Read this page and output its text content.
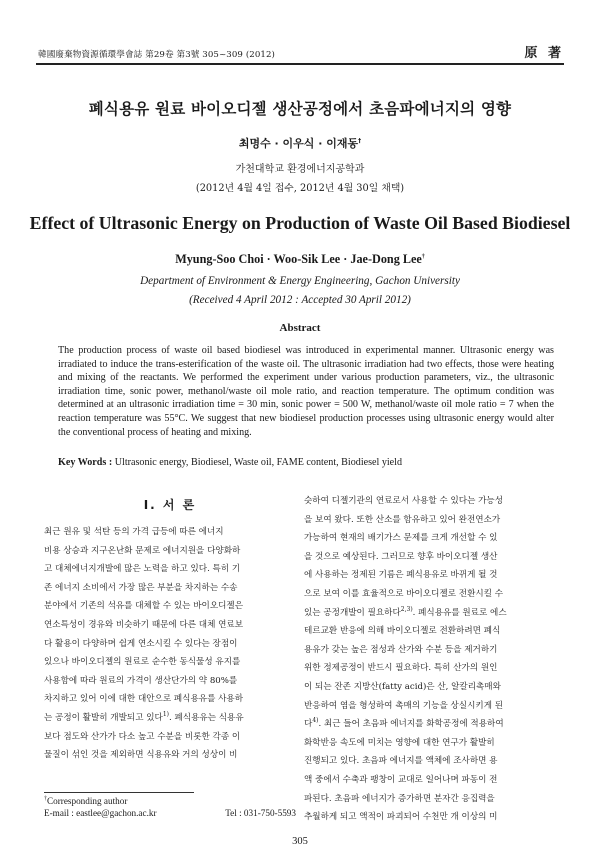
韓國廢棄物資源循環學會誌 第29卷 第3號 305~309 (2012)	原 著
폐식용유 원료 바이오디젤 생산공정에서 초음파에너지의 영향
최명수 · 이우식 · 이재동†
가천대학교 환경에너지공학과
(2012년 4월 4일 접수, 2012년 4월 30일 채택)
Effect of Ultrasonic Energy on Production of Waste Oil Based Biodiesel
Myung-Soo Choi · Woo-Sik Lee · Jae-Dong Lee†
Department of Environment & Energy Engineering, Gachon University
(Received 4 April 2012 : Accepted 30 April 2012)
Abstract
The production process of waste oil based biodiesel was introduced in experimental manner. Ultrasonic energy was irradiated to induce the trans-esterification of the waste oil. The ultrasonic irradiation had two effects, those were heating and mixing of the reactants. We performed the experiment under various production parameters, viz., the ultrasonic irradiation time, sonic power, methanol/waste oil mole ratio, and reaction temperature. The optimum condition was determined at an ultrasonic irradiation time = 30 min, sonic power = 500 W, methanol/waste oil mole ratio = 7 when the reaction temperature was 55°C. We suggest that new biodiesel production processes using ultrasonic energy would alter the conventional process of heating and mixing.
Key Words : Ultrasonic energy, Biodiesel, Waste oil, FAME content, Biodiesel yield
I. 서 론
최근 원유 및 석탄 등의 가격 급등에 따른 에너지
비용 상승과 지구온난화 문제로 에너지원을 다양화하
고 대체에너지개발에 많은 노력을 하고 있다. 특히 기
존 에너지 소비에서 가장 많은 부분을 차지하는 수송
분야에서 기존의 석유를 대체할 수 있는 바이오디젤은
연소특성이 경유와 비슷하기 때문에 다른 대체 연료보
다 활용이 다양하며 쉽게 연소시킬 수 있다는 장점이
있으나 바이오디젤의 원료로 순수한 동식물성 유지를
사용함에 따라 원료의 가격이 생산단가의 약 80%를
차지하고 있어 이에 대한 대안으로 폐식용유를 사용하
는 공정이 활발히 개발되고 있다$^{1)}$. 폐식용유는 식용유
보다 점도와 산가가 다소 높고 수분을 비롯한 각종 이
물질이 섞인 것을 제외하면 식용유와 거의 성상이 비
슷하여 디젤기관의 연료로서 사용할 수 있다는 가능성
을 보여 왔다. 또한 산소를 함유하고 있어 완전연소가
가능하여 현재의 배기가스 문제를 크게 개선할 수 있
을 것으로 예상된다. 그러므로 향후 바이오디젤 생산
에 사용하는 정제된 기름은 폐식용유로 바뀌게 될 것
으로 보여 이를 효율적으로 바이오디젤로 전환시킬 수
있는 공정개발이 필요하다$^{2,3)}$. 폐식용유를 원료로 에스
테르교환 반응에 의해 바이오디젤로 전환하려면 폐식
용유가 갖는 높은 점성과 산가와 수분 등을 제거하기
위한 정제공정이 반드시 필요하다. 특히 산가의 원인
이 되는 잔존 지방산(fatty acid)은 산, 알칼리촉매와
반응하여 염을 형성하여 촉매의 기능을 상실시키게 된
다$^{4)}$. 최근 들어 초음파 에너지를 화학공정에 적용하여
화학반응 속도에 미치는 영향에 대한 연구가 활발히
진행되고 있다. 초음파 에너지를 액체에 조사하면 용
액 중에서 수축과 팽창이 교대로 일어나며 파동이 전
파된다. 초음파 에너지가 증가하면 분자간 응집력을
추월하게 되고 액적이 파괴되어 수천만 개 이상의 미
†Corresponding author
E-mail : eastlee@gachon.ac.kr	Tel : 031-750-5593
305
